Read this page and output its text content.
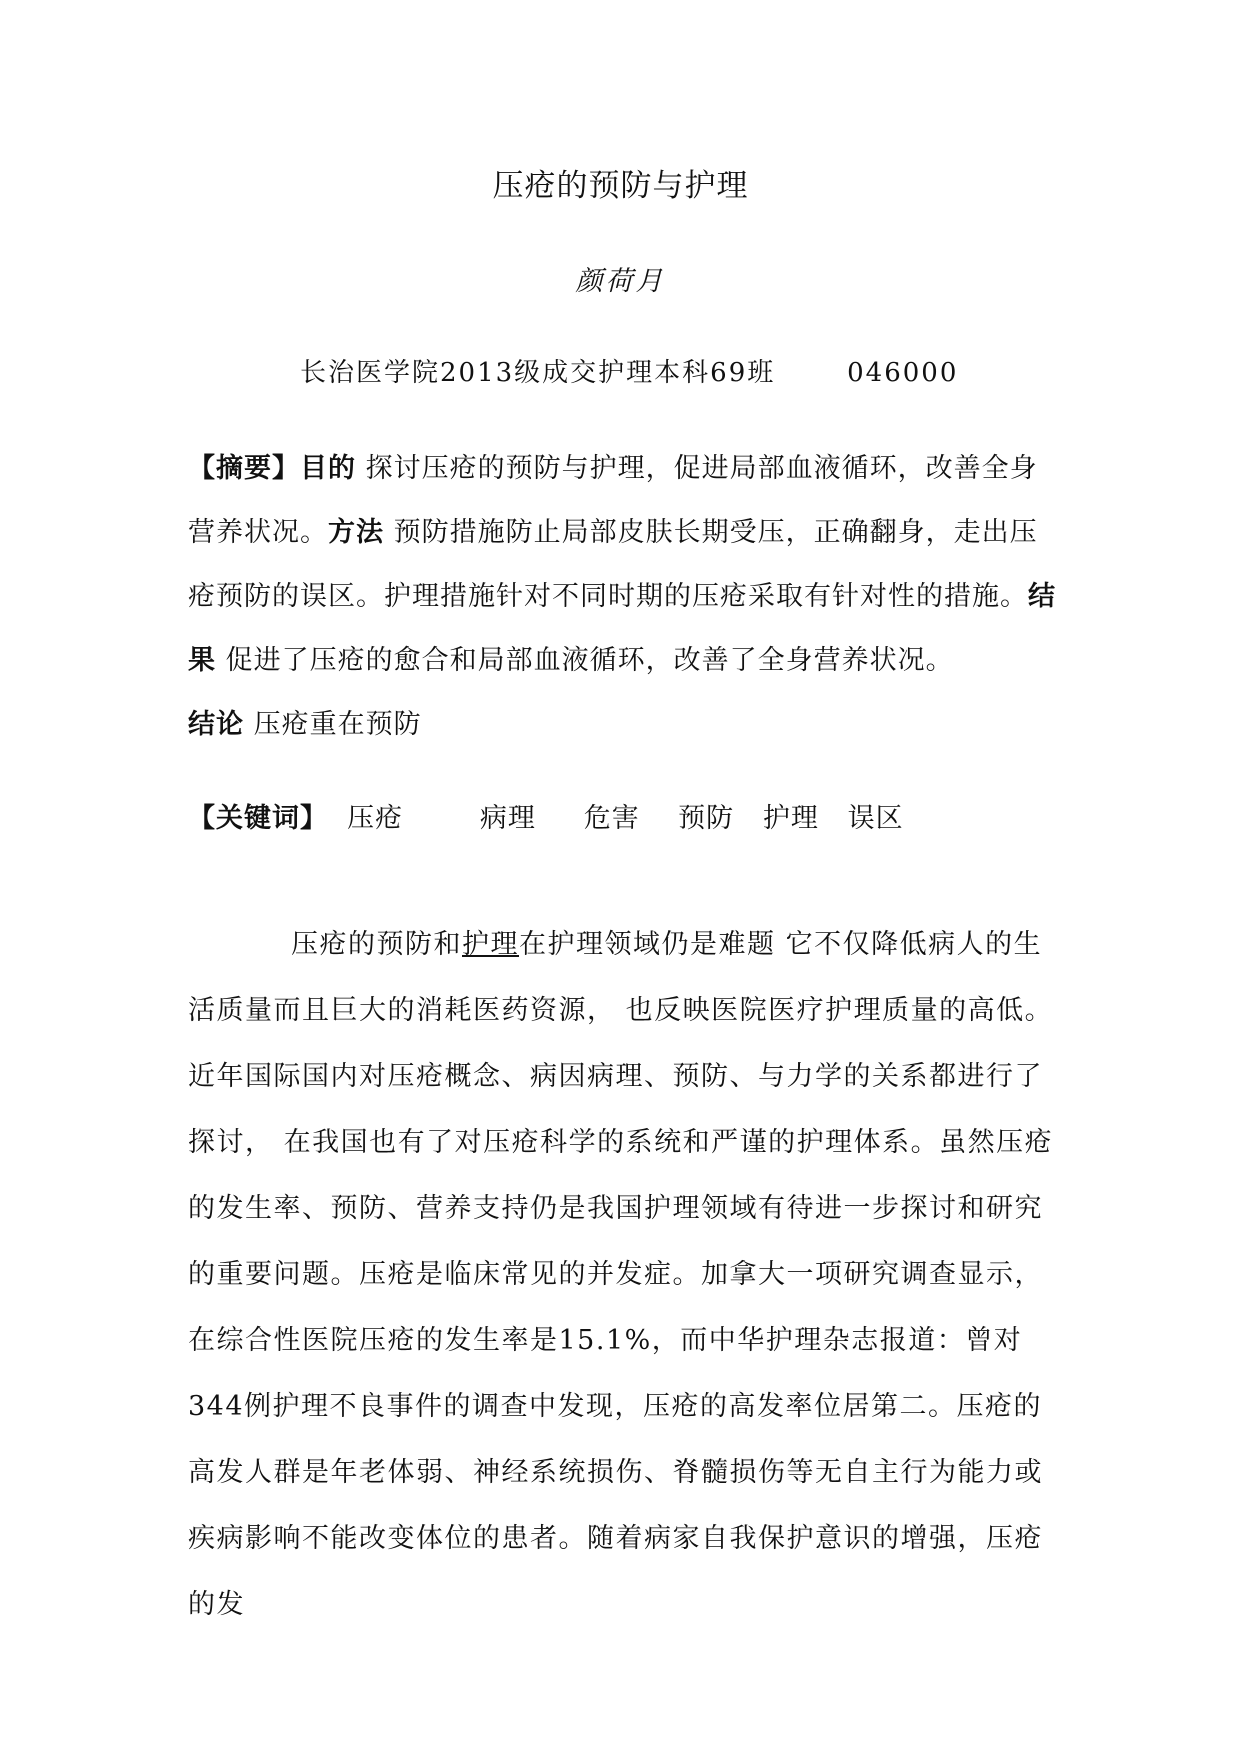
压疮的预防与护理
颜荷月
长治医学院2013级成交护理本科69班	046000
【摘要】目的 探讨压疮的预防与护理，促进局部血液循环，改善全身营养状况。方法 预防措施防止局部皮肤长期受压，正确翻身，走出压疮预防的误区。护理措施针对不同时期的压疮采取有针对性的措施。结果 促进了压疮的愈合和局部血液循环，改善了全身营养状况。
结论 压疮重在预防
【关键词】 压疮	病理 危害 预防 护理 误区
压疮的预防和护理在护理领域仍是难题 它不仅降低病人的生活质量而且巨大的消耗医药资源， 也反映医院医疗护理质量的高低。近年国际国内对压疮概念、病因病理、预防、与力学的关系都进行了探讨， 在我国也有了对压疮科学的系统和严谨的护理体系。虽然压疮的发生率、预防、营养支持仍是我国护理领域有待进一步探讨和研究的重要问题。压疮是临床常见的并发症。加拿大一项研究调查显示，在综合性医院压疮的发生率是15.1%，而中华护理杂志报道：曾对344例护理不良事件的调查中发现，压疮的高发率位居第二。压疮的高发人群是年老体弱、神经系统损伤、脊髓损伤等无自主行为能力或疾病影响不能改变体位的患者。随着病家自我保护意识的增强，压疮的发
